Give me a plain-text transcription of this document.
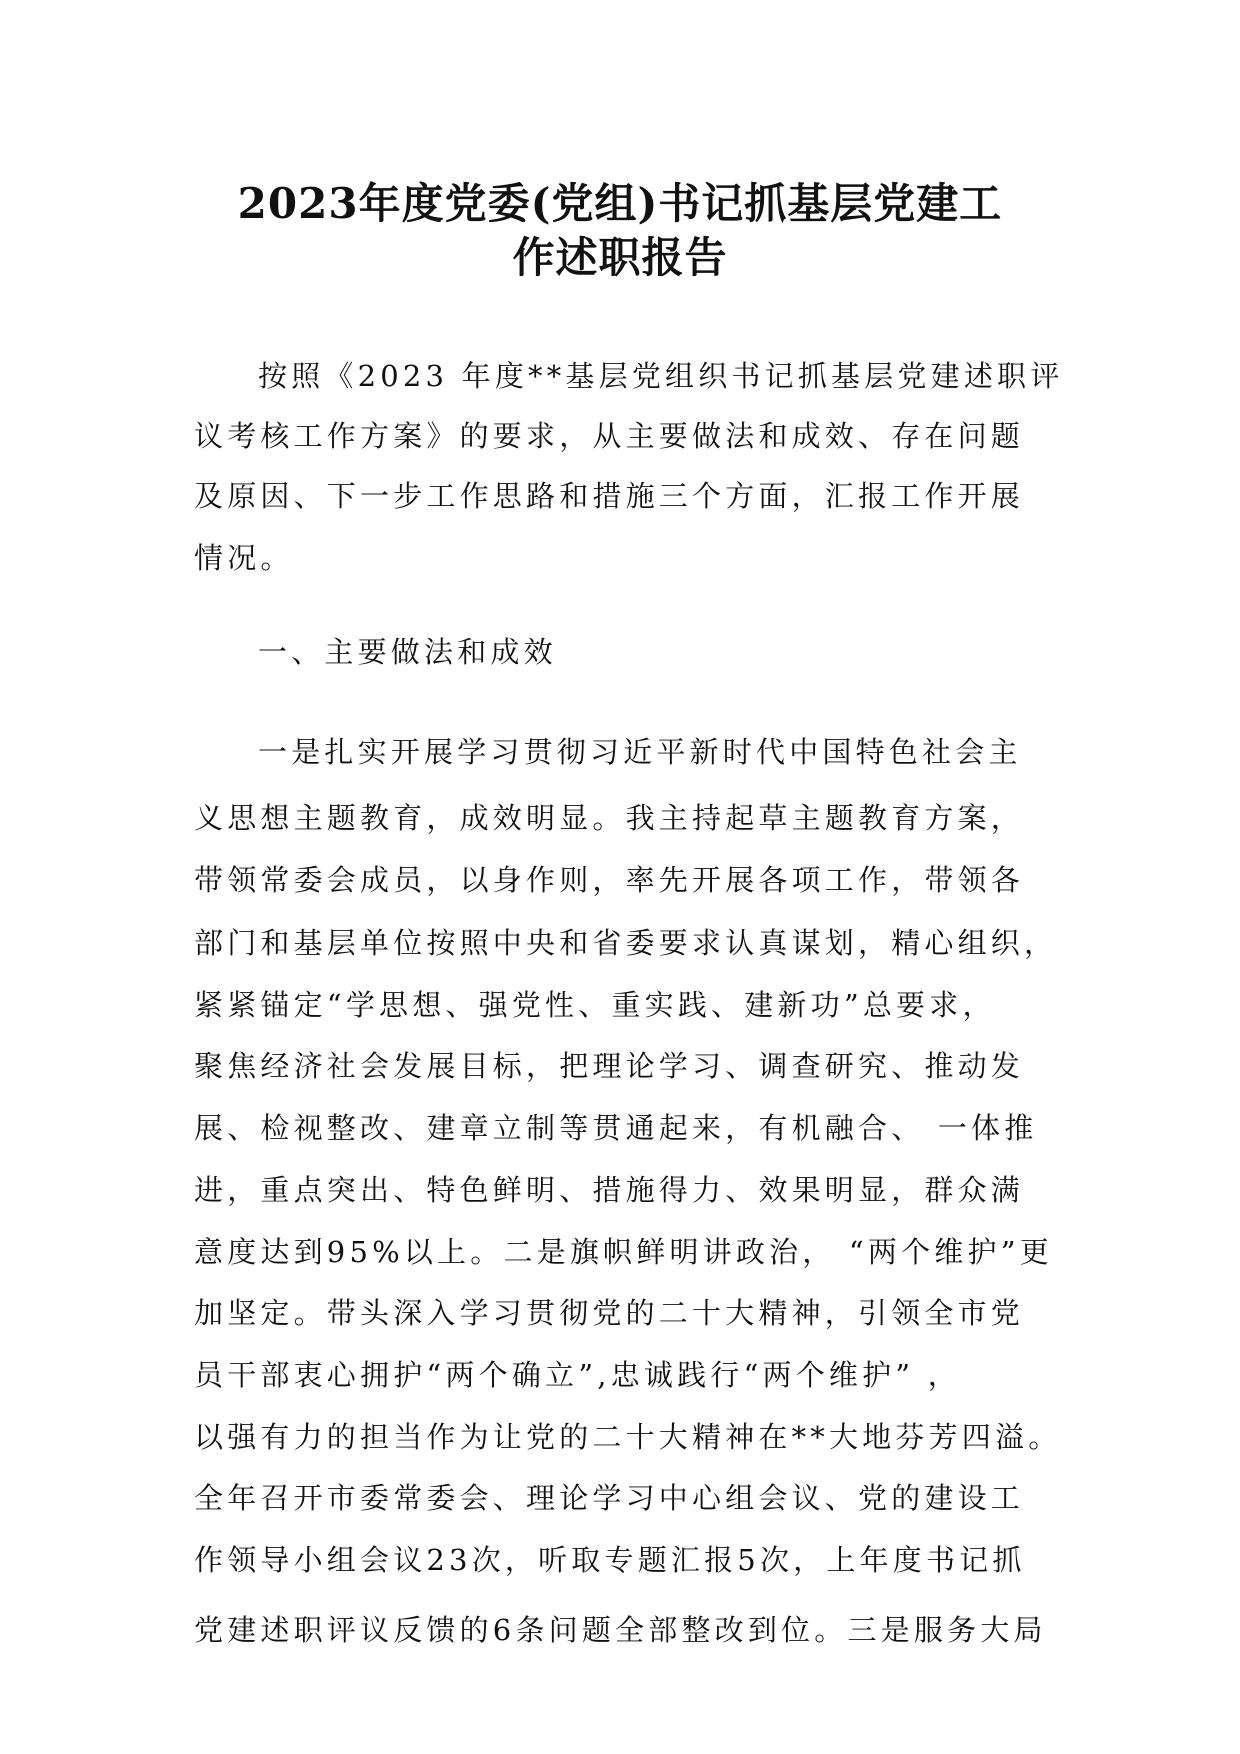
2023年度党委(党组)书记抓基层党建工
作述职报告
按照《2023 年度**基层党组织书记抓基层党建述职评
议考核工作方案》的要求，从主要做法和成效、存在问题
及原因、下一步工作思路和措施三个方面，汇报工作开展
情况。
一、主要做法和成效
一是扎实开展学习贯彻习近平新时代中国特色社会主
义思想主题教育，成效明显。我主持起草主题教育方案，
带领常委会成员，以身作则，率先开展各项工作，带领各
部门和基层单位按照中央和省委要求认真谋划，精心组织，
紧紧锚定“学思想、强党性、重实践、建新功”总要求，
聚焦经济社会发展目标，把理论学习、调查研究、推动发
展、检视整改、建章立制等贯通起来，有机融合、 一体推
进，重点突出、特色鲜明、措施得力、效果明显，群众满
意度达到95%以上。二是旗帜鲜明讲政治， “两个维护”更
加坚定。带头深入学习贯彻党的二十大精神，引领全市党
员干部衷心拥护“两个确立”,忠诚践行“两个维护” ，
以强有力的担当作为让党的二十大精神在**大地芬芳四溢。
全年召开市委常委会、理论学习中心组会议、党的建设工
作领导小组会议23次，听取专题汇报5次，上年度书记抓
党建述职评议反馈的6条问题全部整改到位。三是服务大局
